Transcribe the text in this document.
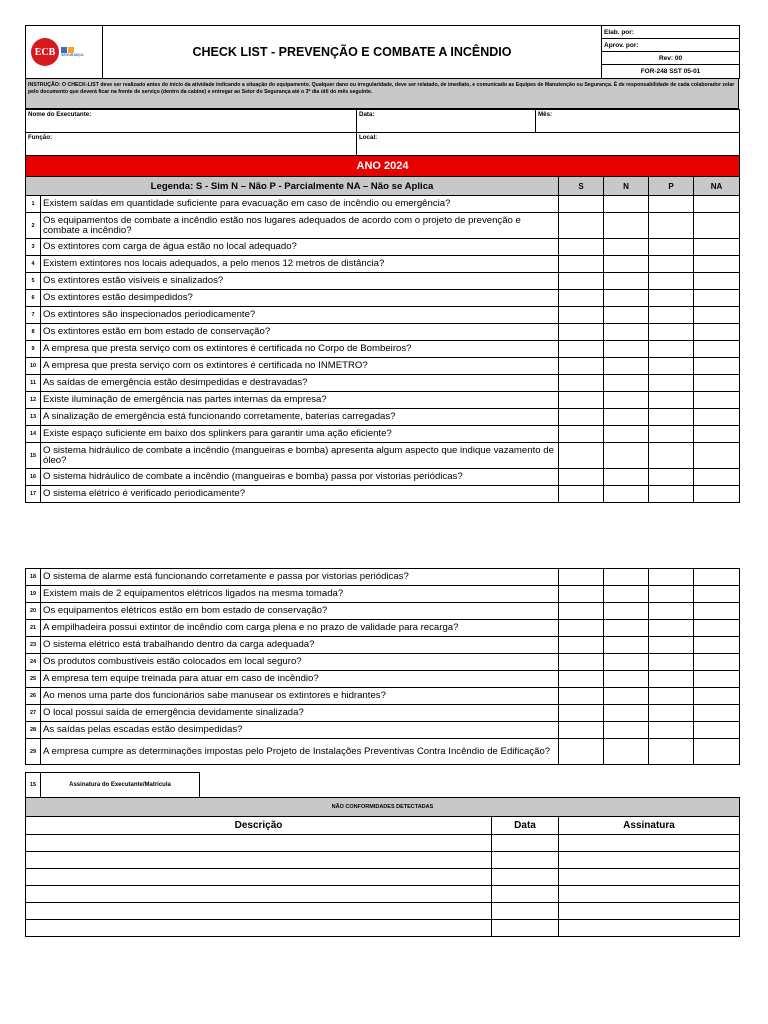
ECB SEGURANÇA	CHECK LIST - PREVENÇÃO E COMBATE A INCÊNDIO	Elab. por:
Aprov. por:
Rev: 00
FOR-248 SST 05-01
INSTRUÇÃO: O CHECK-LIST deve ser realizado antes do início da atividade indicando a situação do equipamento. Qualquer dano ou irregularidade, deve ser relatado, de imediato, e comunicado as Equipes de Manutenção ou Segurança. É de responsabilidade de cada colaborador zelar pelo documento que deverá ficar na frente de serviço (dentro da cabine) e entregar ao Setor do Segurança até o 3º dia útil do mês seguinte.
Nome do Executante:	Data:	Mês:
Função:	Local:	
ANO 2024					
Legenda: S - Sim N – Não P - Parcialmente NA – Não se Aplica		S	N	P	NA
1	Existem saídas em quantidade suficiente para evacuação em caso de incêndio ou emergência?				
2	Os equipamentos de combate a incêndio estão nos lugares adequados de acordo com o projeto de prevenção e combate a incêndio?				
3	Os extintores com carga de água estão no local adequado?				
4	Existem extintores nos locais adequados, a pelo menos 12 metros de distância?				
5	Os extintores estão visíveis e sinalizados?				
6	Os extintores estão desimpedidos?				
7	Os extintores são inspecionados periodicamente?				
8	Os extintores estão em bom estado de conservação?				
9	A empresa que presta serviço com os extintores é certificada no Corpo de Bombeiros?				
10	A empresa que presta serviço com os extintores é certificada no INMETRO?				
11	As saídas de emergência estão desimpedidas e destravadas?				
12	Existe iluminação de emergência nas partes internas da empresa?				
13	A sinalização de emergência está funcionando corretamente, baterias carregadas?				
14	Existe espaço suficiente em baixo dos splinkers para garantir uma ação eficiente?				
15	O sistema hidráulico de combate a incêndio (mangueiras e bomba) apresenta algum aspecto que indique vazamento de óleo?				
16	O sistema hidráulico de combate a incêndio (mangueiras e bomba) passa por vistorias periódicas?				
17	O sistema elétrico é verificado periodicamente?				
18	O sistema de alarme está funcionando corretamente e passa por vistorias periódicas?				
19	Existem mais de 2 equipamentos elétricos ligados na mesma tomada?				
20	Os equipamentos elétricos estão em bom estado de conservação?				
21	A empilhadeira possui extintor de incêndio com carga plena e no prazo de validade para recarga?				
23	O sistema elétrico está trabalhando dentro da carga adequada?				
24	Os produtos combustíveis estão colocados em local seguro?				
25	A empresa tem equipe treinada para atuar em caso de incêndio?				
26	Ao menos uma parte dos funcionários sabe manusear os extintores e hidrantes?				
27	O local possui saída de emergência devidamente sinalizada?				
28	As saídas pelas escadas estão desimpedidas?				
29	A empresa cumpre as determinações impostas pelo Projeto de Instalações Preventivas Contra Incêndio de Edificação?				
15	Assinatura do Executante/Matrícula	
NÃO CONFORMIDADES DETECTADAS		
Descrição	Data	Assinatura
